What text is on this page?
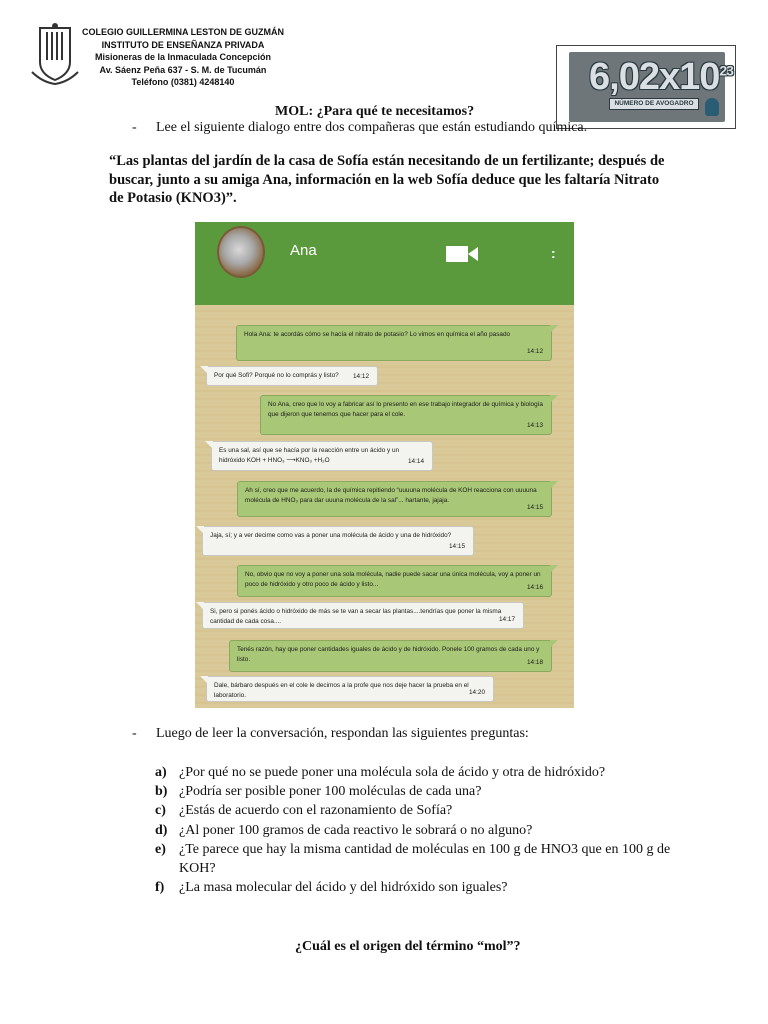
COLEGIO GUILLERMINA LESTON DE GUZMÁN
INSTITUTO DE ENSEÑANZA PRIVADA
Misioneras de la Inmaculada Concepción
Av. Sáenz Peña 637 - S. M. de Tucumán
Teléfono (0381) 4248140	$6,02x10^{23}$
NÚMERO DE AVOGADRO
MOL: ¿Para qué te necesitamos?
- Lee el siguiente dialogo entre dos compañeras que están estudiando química.
“Las plantas del jardín de la casa de Sofía están necesitando de un fertilizante; después de buscar, junto a su amiga Ana, información en la web Sofía deduce que les faltaría Nitrato de Potasio (KNO3)”.
Ana	:
Hola Ana: te acordás cómo se hacía el nitrato de potasio? Lo vimos en química el año pasado
14:12
Por qué Sofi? Porqué no lo comprás y listo? 14:12
No Ana, creo que lo voy a fabricar así lo presento en ese trabajo integrador de química y biología que dijeron que tenemos que hacer para el cole.
14:13
Es una sal, así que se hacía por la reacción entre un ácido y un hidróxido KOH + HNO₃ ⟶KNO₃ +H₂O	14:14
Ah sí, creo que me acuerdo, la de química repitiendo “uuuuna molécula de KOH reacciona con uuuuna molécula de HNO₃ para dar uuuna molécula de la sal”... hartante, jajaja.
14:15
Jaja, sí; y a ver decime como vas a poner una molécula de ácido y una de hidróxido?
14:15
No, obvio que no voy a poner una sola molécula, nadie puede sacar una única molécula, voy a poner un poco de hidróxido y otro poco de ácido y listo...	14:16
Si, pero si ponés ácido o hidróxido de más se te van a secar las plantas....tendrías que poner la misma cantidad de cada cosa....	14:17
Tenés razón, hay que poner cantidades iguales de ácido y de hidróxido. Ponele 100 gramos de cada uno y listo.	14:18
Dale, bárbaro después en el cole le decimos a la profe que nos deje hacer la prueba en el laboratorio.	14:20
- Luego de leer la conversación, respondan las siguientes preguntas:
a) ¿Por qué no se puede poner una molécula sola de ácido y otra de hidróxido?
b) ¿Podría ser posible poner 100 moléculas de cada una?
c) ¿Estás de acuerdo con el razonamiento de Sofía?
d) ¿Al poner 100 gramos de cada reactivo le sobrará o no alguno?
e) ¿Te parece que hay la misma cantidad de moléculas en 100 g de HNO3 que en 100 g de KOH?
f) ¿La masa molecular del ácido y del hidróxido son iguales?
¿Cuál es el origen del término “mol”?
